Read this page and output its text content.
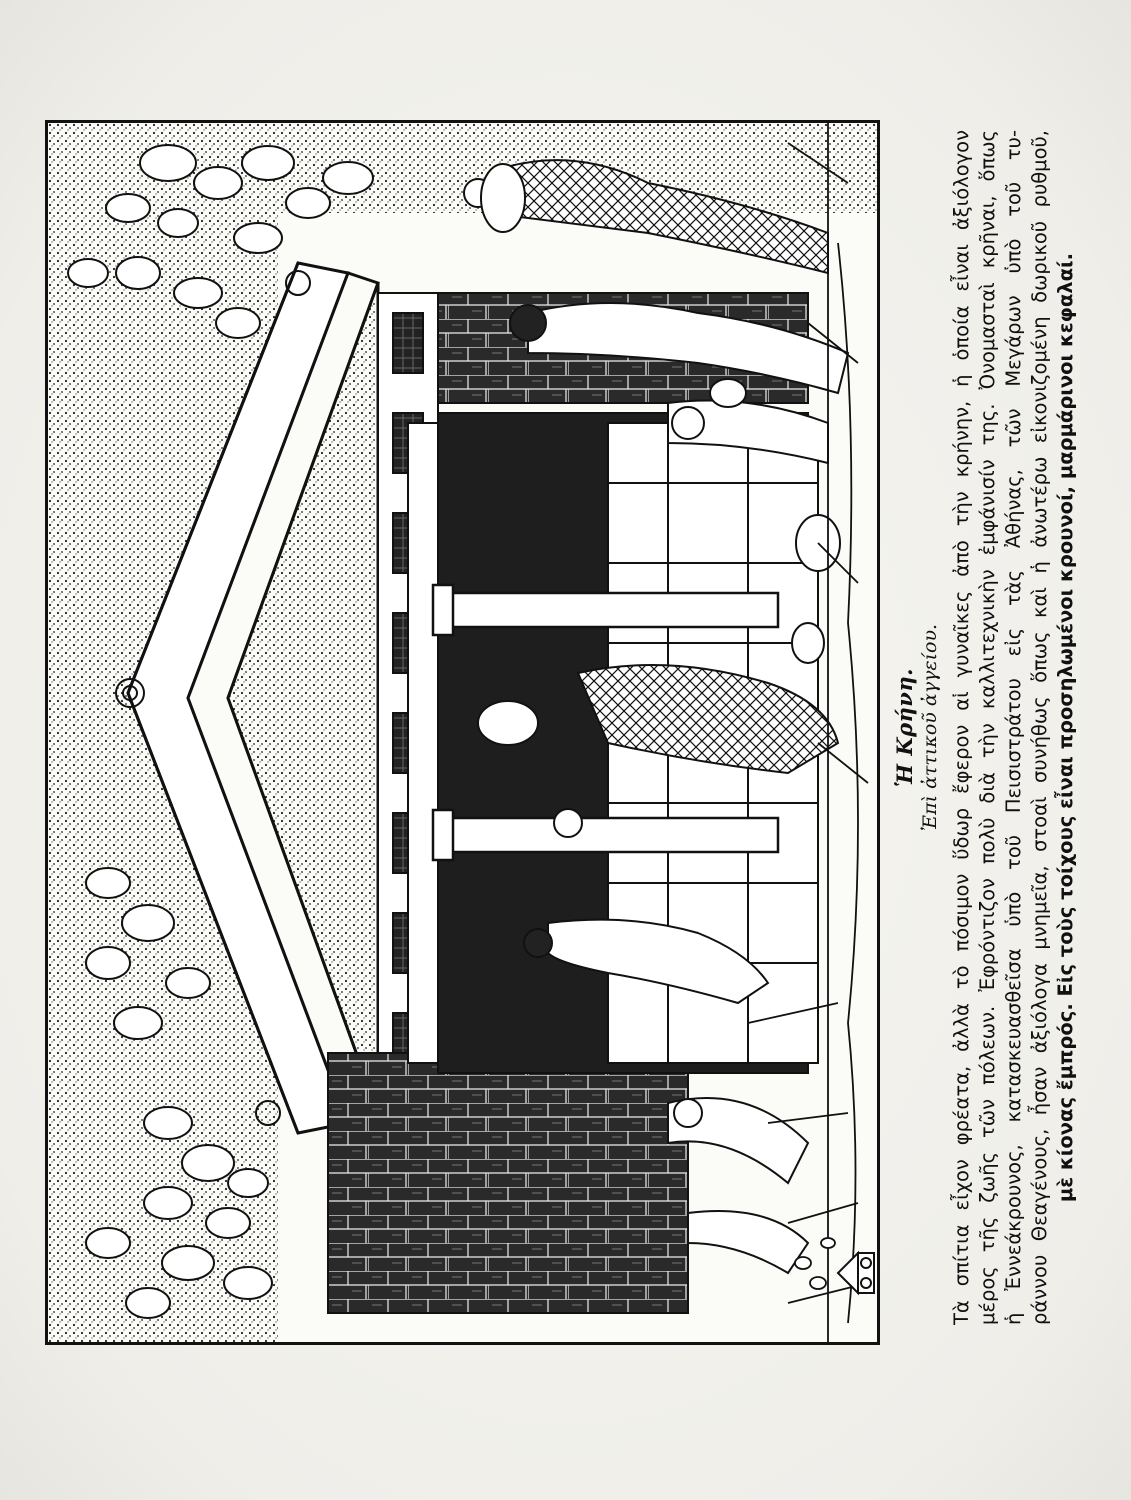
Ἡ Κρήνη. Ἐπὶ ἀττικοῦ ἀγγείου. Τὰ σπίτια εἶχον φρέατα, ἀλλὰ τὸ πόσιμον ὕδωρ ἔφερον αἱ γυναῖκες ἀπὸ τὴν κρήνην, ἡ ὁποία εἶναι ἀξιόλογον μέρος τῆς ζωῆς τῶν πόλεων. Ἐφρόντιζον πολὺ διὰ τὴν καλλιτεχνικὴν ἐμφάνισίν της. Ὀνομασταὶ κρῆναι, ὅπως ἡ Ἐννεάκρουνος, κατασκευασθεῖσα ὑπὸ τοῦ Πεισιστράτου εἰς τὰς Ἀθήνας, τῶν Μεγάρων ὑπὸ τοῦ τυ- ράννου Θεαγένους, ἦσαν ἀξιόλογα μνημεῖα, στοαὶ συνήθως ὅπως καὶ ἡ ἀνωτέρω εἰκονιζομένη δωρικοῦ ρυθμοῦ, μὲ κίονας ἔμπρός. Εἰς τοὺς τοίχους εἶναι προσηλωμένοι κρουνοί, μαρμάρινοι κεφαλαί.
